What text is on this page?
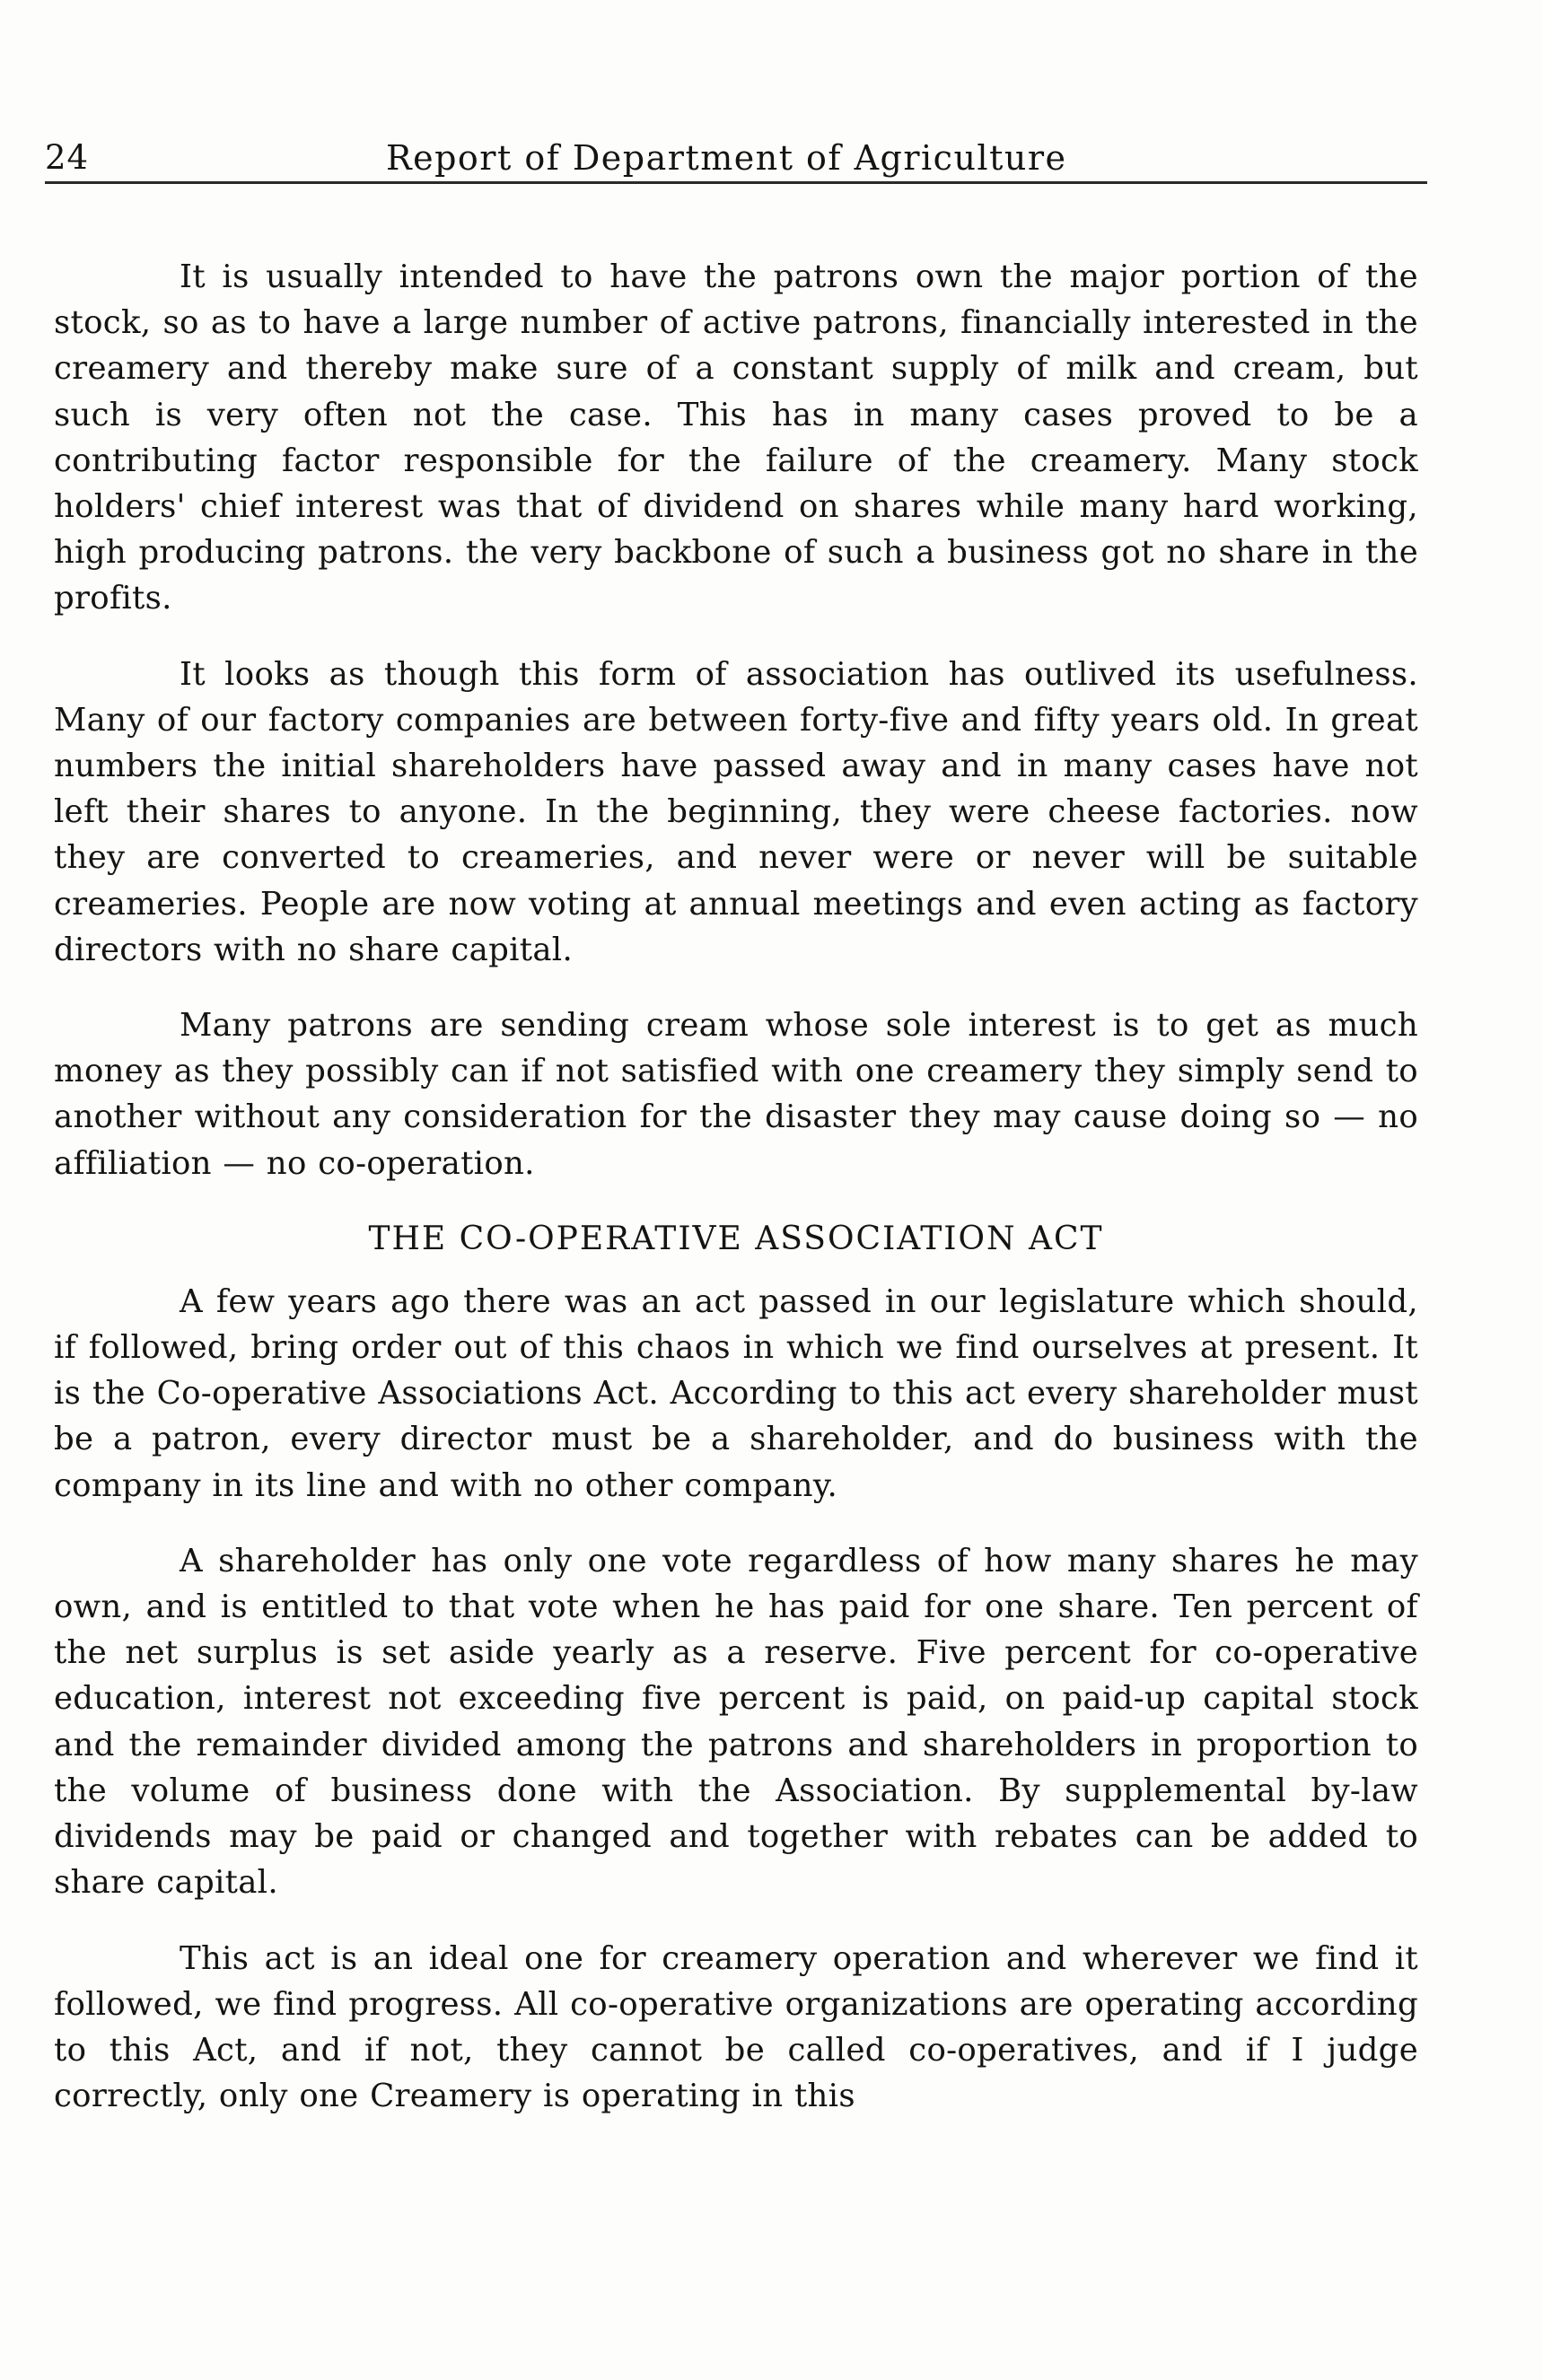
24	Report of Department of Agriculture

It is usually intended to have the patrons own the major portion of the stock, so as to have a large number of active patrons, financially interested in the creamery and thereby make sure of a constant supply of milk and cream, but such is very often not the case. This has in many cases proved to be a contributing factor responsible for the failure of the creamery. Many stock holders' chief interest was that of dividend on shares while many hard working, high producing patrons. the very backbone of such a business got no share in the profits.

It looks as though this form of association has outlived its usefulness. Many of our factory companies are between forty-five and fifty years old. In great numbers the initial shareholders have passed away and in many cases have not left their shares to anyone. In the beginning, they were cheese factories. now they are converted to creameries, and never were or never will be suitable creameries. People are now voting at annual meetings and even acting as factory directors with no share capital.

Many patrons are sending cream whose sole interest is to get as much money as they possibly can if not satisfied with one creamery they simply send to another without any consideration for the disaster they may cause doing so — no affiliation — no co-operation.

THE CO-OPERATIVE ASSOCIATION ACT

A few years ago there was an act passed in our legislature which should, if followed, bring order out of this chaos in which we find ourselves at present. It is the Co-operative Associations Act. According to this act every shareholder must be a patron, every director must be a shareholder, and do business with the company in its line and with no other company.

A shareholder has only one vote regardless of how many shares he may own, and is entitled to that vote when he has paid for one share. Ten percent of the net surplus is set aside yearly as a reserve. Five percent for co-operative education, interest not exceeding five percent is paid, on paid-up capital stock and the remainder divided among the patrons and shareholders in proportion to the volume of business done with the Association. By supplemental by-law dividends may be paid or changed and together with rebates can be added to share capital.

This act is an ideal one for creamery operation and wherever we find it followed, we find progress. All co-operative organizations are operating according to this Act, and if not, they cannot be called co-operatives, and if I judge correctly, only one Creamery is operating in this
